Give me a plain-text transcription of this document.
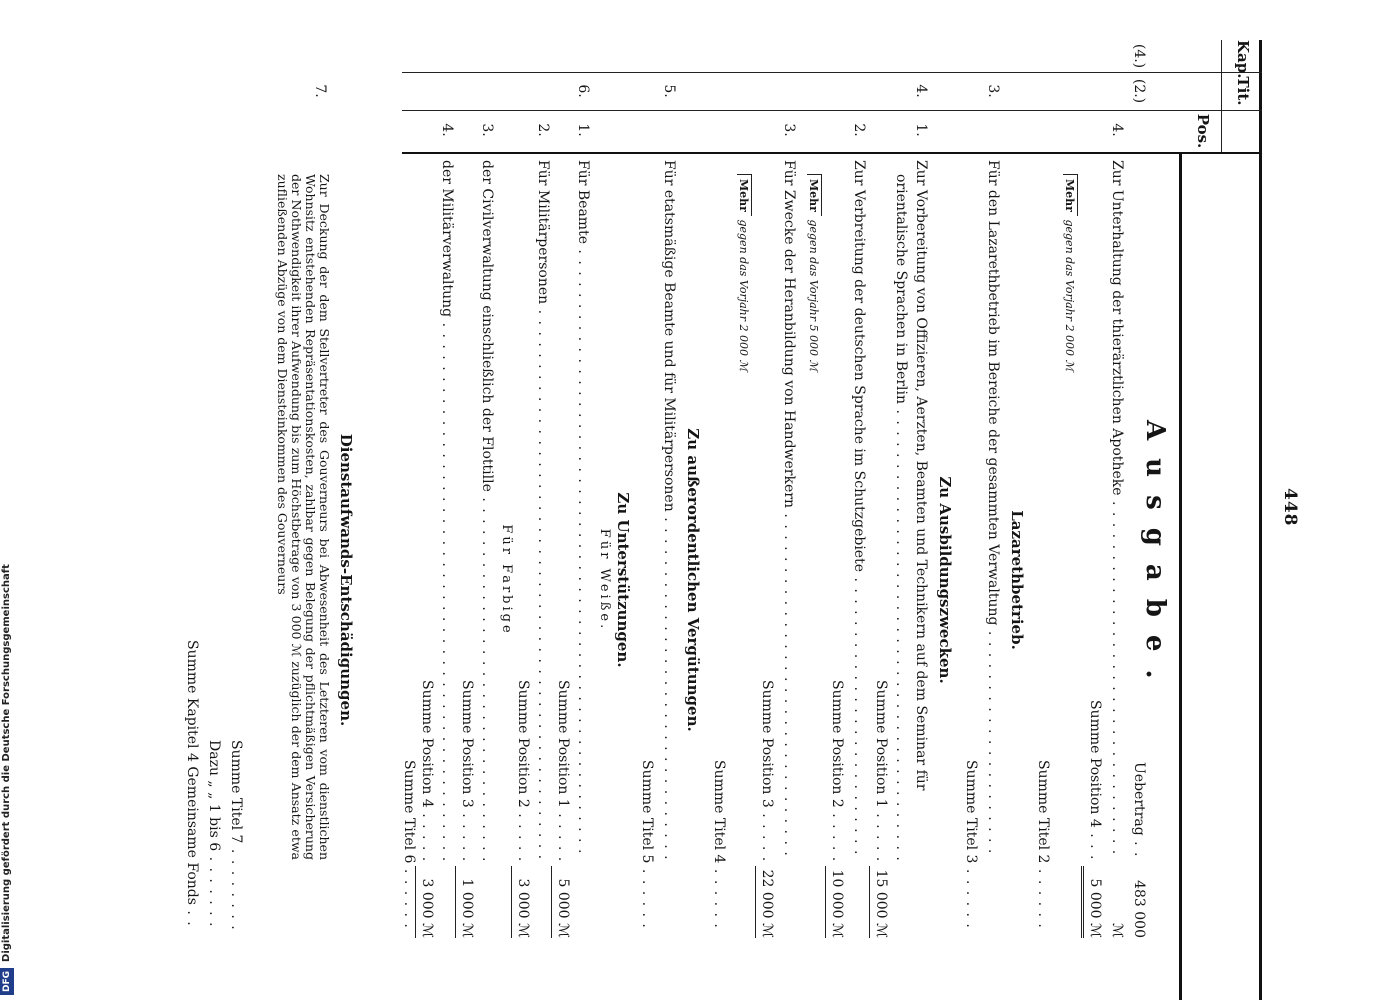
448
Kap.
Tit.
Pos.
Ausgabe.
(4.)
(2.)
Uebertrag . . .
483 000 ℳ
4.
Zur Unterhaltung der thierärztlichen Apotheke . . .
Summe Position 4 . . .
5 000 ℳ
Mehr gegen das Vorjahr 2 000 ℳ
Summe Titel 2 . . .
Lazarethbetrieb.
3.
Für den Lazarethbetrieb im Bereiche der gesammten Verwaltung . . .
Summe Titel 3 . . .
Zu Ausbildungszwecken.
4.
1.
Zur Vorbereitung von Offizieren, Aerzten, Beamten und Technikern auf dem Seminar für
orientalische Sprachen in Berlin . . .
Summe Position 1 . . .
15 000 ℳ
2.
Zur Verbreitung der deutschen Sprache im Schutzgebiete . . .
Summe Position 2 . . .
10 000 ℳ
Mehr gegen das Vorjahr 5 000 ℳ
3.
Für Zwecke der Heranbildung von Handwerkern . . .
Summe Position 3 . . .
22 000 ℳ
Mehr gegen das Vorjahr 2 000 ℳ
Summe Titel 4 . . .
Zu außerordentlichen Vergütungen.
5.
Für etatsmäßige Beamte und für Militärpersonen . . .
Summe Titel 5 . . .
Zu Unterstützungen.
Für Weiße.
6.
1.
Für Beamte . . .
Summe Position 1 . . .
5 000 ℳ
2.
Für Militärpersonen . . .
Summe Position 2 . . .
3 000 ℳ
Für Farbige
3.
der Civilverwaltung einschließlich der Flottille . . .
Summe Position 3 . . .
1 000 ℳ
4.
der Militärverwaltung . . .
Summe Position 4 . . .
3 000 ℳ
Summe Titel 6 . . .
Dienstaufwands-Entschädigungen.
7.
Zur Deckung der dem Stellvertreter des Gouverneurs bei Abwesenheit des Letzteren vom dienstlichen Wohnsitz entstehenden Repräsentationskosten, zahlbar gegen Belegung der pflichtmäßigen Versicherung der Nothwendigkeit ihrer Aufwendung bis zum Höchstbetrage von 3 000 ℳ zuzüglich der dem Ansatz etwa zufließenden Abzüge von dem Diensteinkommen des Gouverneurs
Summe Titel 7 . . .
Dazu „ „ 1 bis 6 . . .
Summe Kapitel 4 Gemeinsame Fonds . . .
DFGDigitalisierung gefördert durch die Deutsche Forschungsgemeinschaft
